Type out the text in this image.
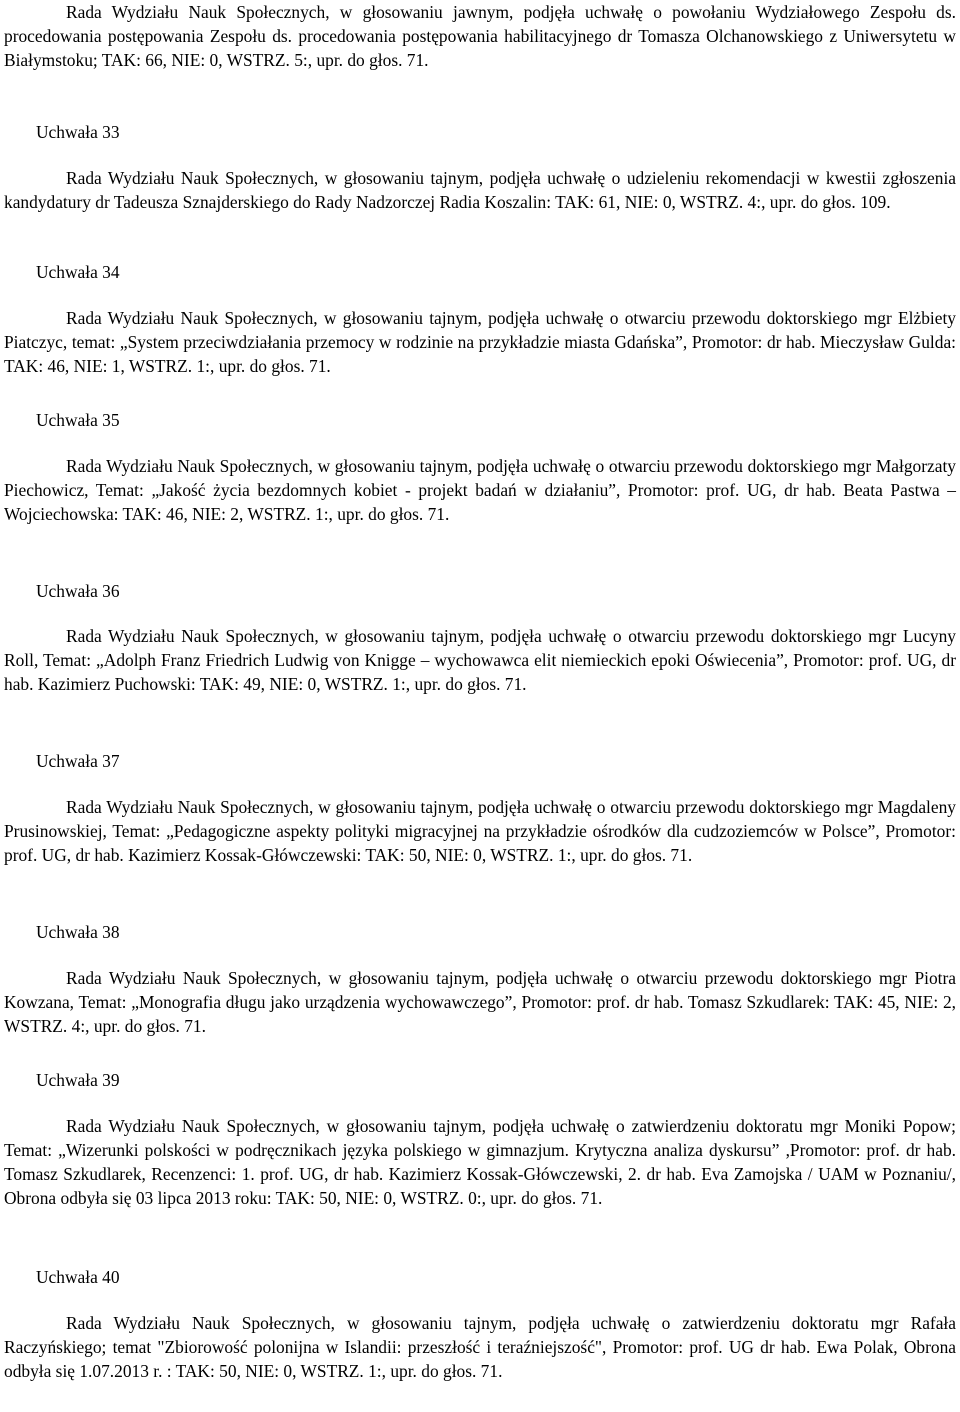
Rada Wydziału Nauk Społecznych, w głosowaniu jawnym, podjęła uchwałę o powołaniu Wydziałowego Zespołu ds. procedowania postępowania Zespołu ds. procedowania postępowania habilitacyjnego dr Tomasza Olchanowskiego z Uniwersytetu w Białymstoku; TAK: 66, NIE: 0, WSTRZ. 5:, upr. do głos. 71.

Uchwała 33

Rada Wydziału Nauk Społecznych, w głosowaniu tajnym, podjęła uchwałę o udzieleniu rekomendacji w kwestii zgłoszenia kandydatury dr Tadeusza Sznajderskiego do Rady Nadzorczej Radia Koszalin: TAK: 61, NIE: 0, WSTRZ. 4:, upr. do głos. 109.

Uchwała 34

Rada Wydziału Nauk Społecznych, w głosowaniu tajnym, podjęła uchwałę o otwarciu przewodu doktorskiego mgr Elżbiety Piatczyc, temat: „System przeciwdziałania przemocy w rodzinie na przykładzie miasta Gdańska”, Promotor: dr hab. Mieczysław Gulda: TAK: 46, NIE: 1, WSTRZ. 1:, upr. do głos. 71.

Uchwała 35

Rada Wydziału Nauk Społecznych, w głosowaniu tajnym, podjęła uchwałę o otwarciu przewodu doktorskiego mgr Małgorzaty Piechowicz, Temat: „Jakość życia bezdomnych kobiet - projekt badań w działaniu”, Promotor: prof. UG, dr hab. Beata Pastwa – Wojciechowska: TAK: 46, NIE: 2, WSTRZ. 1:, upr. do głos. 71.

Uchwała 36

Rada Wydziału Nauk Społecznych, w głosowaniu tajnym, podjęła uchwałę o otwarciu przewodu doktorskiego mgr Lucyny Roll, Temat: „Adolph Franz Friedrich Ludwig von Knigge – wychowawca elit niemieckich epoki Oświecenia”, Promotor: prof. UG, dr hab. Kazimierz Puchowski: TAK: 49, NIE: 0, WSTRZ. 1:, upr. do głos. 71.

Uchwała 37

Rada Wydziału Nauk Społecznych, w głosowaniu tajnym, podjęła uchwałę o otwarciu przewodu doktorskiego mgr Magdaleny Prusinowskiej, Temat: „Pedagogiczne aspekty polityki migracyjnej na przykładzie ośrodków dla cudzoziemców w Polsce”, Promotor: prof. UG, dr hab. Kazimierz Kossak-Główczewski: TAK: 50, NIE: 0, WSTRZ. 1:, upr. do głos. 71.

Uchwała 38

Rada Wydziału Nauk Społecznych, w głosowaniu tajnym, podjęła uchwałę o otwarciu przewodu doktorskiego mgr Piotra Kowzana, Temat: „Monografia długu jako urządzenia wychowawczego”, Promotor: prof. dr hab. Tomasz Szkudlarek: TAK: 45, NIE: 2, WSTRZ. 4:, upr. do głos. 71.

Uchwała 39

Rada Wydziału Nauk Społecznych, w głosowaniu tajnym, podjęła uchwałę o zatwierdzeniu doktoratu mgr Moniki Popow; Temat: „Wizerunki polskości w podręcznikach języka polskiego w gimnazjum. Krytyczna analiza dyskursu” ,Promotor: prof. dr hab. Tomasz Szkudlarek, Recenzenci: 1. prof. UG, dr hab. Kazimierz Kossak-Główczewski, 2. dr hab. Eva Zamojska / UAM w Poznaniu/, Obrona odbyła się 03 lipca 2013 roku: TAK: 50, NIE: 0, WSTRZ. 0:, upr. do głos. 71.

Uchwała 40

Rada Wydziału Nauk Społecznych, w głosowaniu tajnym, podjęła uchwałę o zatwierdzeniu doktoratu mgr Rafała Raczyńskiego; temat "Zbiorowość polonijna w Islandii: przeszłość i teraźniejszość", Promotor: prof. UG dr hab. Ewa Polak, Obrona odbyła się 1.07.2013 r. : TAK: 50, NIE: 0, WSTRZ. 1:, upr. do głos. 71.
